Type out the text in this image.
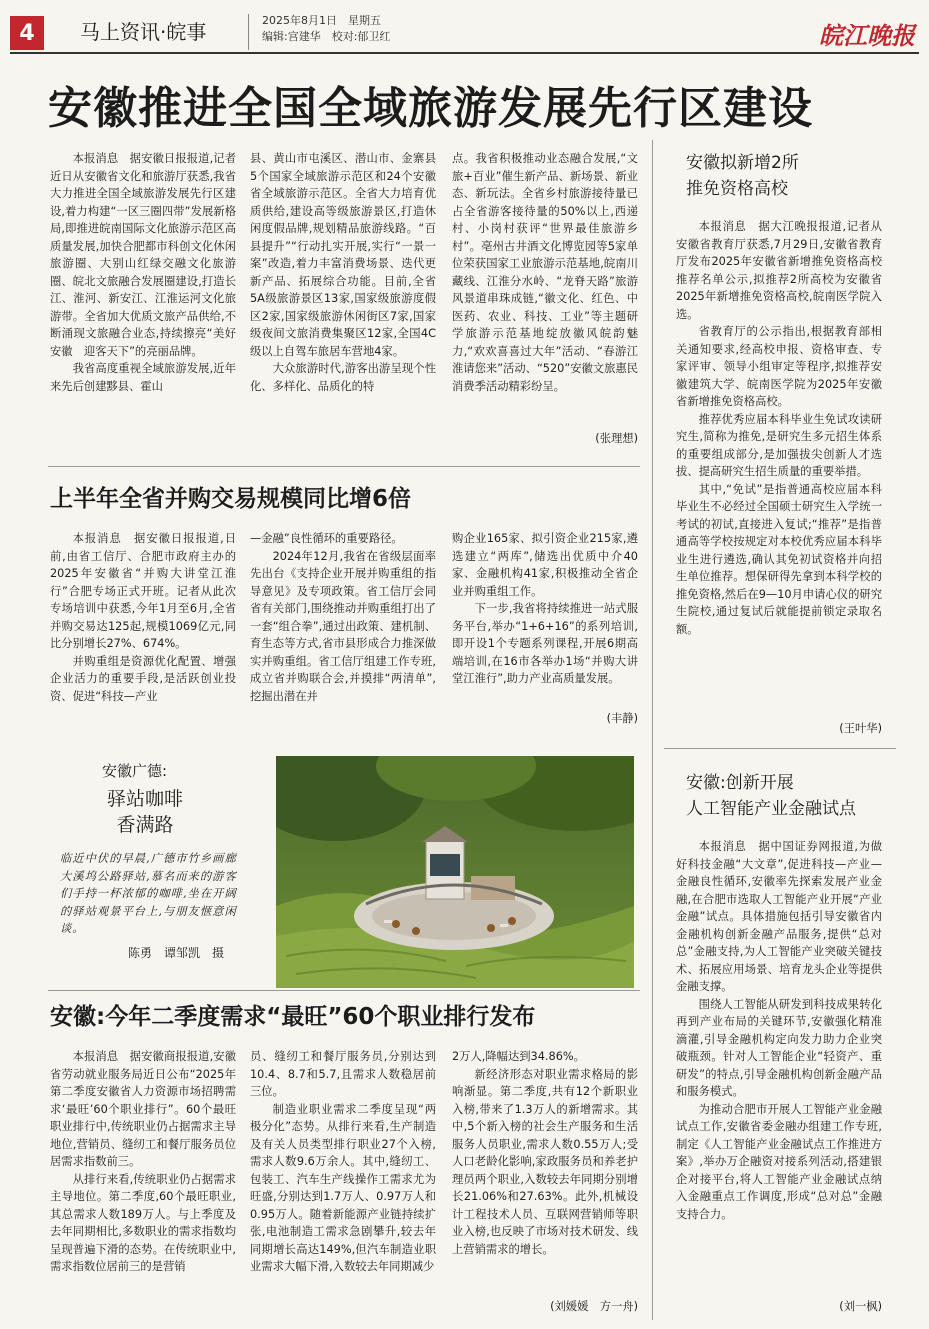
4	马上资讯·皖事	2025年8月1日　星期五
编辑:宫建华　校对:郁卫红	皖江晚报
安徽推进全国全域旅游发展先行区建设

本报消息　据安徽日报报道,记者近日从安徽省文化和旅游厅获悉,我省大力推进全国全域旅游发展先行区建设,着力构建“一区三圈四带”发展新格局,即推进皖南国际文化旅游示范区高质量发展,加快合肥都市科创文化休闲旅游圈、大别山红绿交融文化旅游圈、皖北文旅融合发展圈建设,打造长江、淮河、新安江、江淮运河文化旅游带。全省加大优质文旅产品供给,不断涌现文旅融合业态,持续擦亮“美好安徽　迎客天下”的亮丽品牌。

我省高度重视全域旅游发展,近年来先后创建黟县、霍山

县、黄山市屯溪区、潜山市、金寨县5个国家全域旅游示范区和24个安徽省全域旅游示范区。全省大力培育优质供给,建设高等级旅游景区,打造休闲度假品牌,规划精品旅游线路。“百县提升”“行动扎实开展,实行“一景一案”改造,着力丰富消费场景、迭代更新产品、拓展综合功能。目前,全省5A级旅游景区13家,国家级旅游度假区2家,国家级旅游休闲街区7家,国家级夜间文旅消费集聚区12家,全国4C级以上自驾车旅居车营地4家。

大众旅游时代,游客出游呈现个性化、多样化、品质化的特

点。我省积极推动业态融合发展,“文旅+百业”催生新产品、新场景、新业态、新玩法。全省乡村旅游接待量已占全省游客接待量的50%以上,西递村、小岗村获评“世界最佳旅游乡村”。亳州古井酒文化博览园等5家单位荣获国家工业旅游示范基地,皖南川藏线、江淮分水岭、“龙脊天路”旅游风景道串珠成链,“徽文化、红色、中医药、农业、科技、工业”等主题研学旅游示范基地绽放徽风皖韵魅力,“欢欢喜喜过大年”活动、“春游江淮请您来”活动、“520”安徽文旅惠民消费季活动精彩纷呈。

(张理想)
上半年全省并购交易规模同比增6倍

本报消息　据安徽日报报道,日前,由省工信厅、合肥市政府主办的2025年安徽省“并购大讲堂江淮行”合肥专场正式开班。记者从此次专场培训中获悉,今年1月至6月,全省并购交易达125起,规模1069亿元,同比分别增长27%、674%。

并购重组是资源优化配置、增强企业活力的重要手段,是活跃创业投资、促进“科技—产业

—金融”良性循环的重要路径。

2024年12月,我省在省级层面率先出台《支持企业开展并购重组的指导意见》及专项政策。省工信厅会同省有关部门,围绕推动并购重组打出了一套“组合拳”,通过出政策、建机制、育生态等方式,省市县形成合力推深做实并购重组。省工信厅组建工作专班,成立省并购联合会,并摸排“两清单”,挖掘出潜在并

购企业165家、拟引资企业215家,遴选建立“两库”,储选出优质中介40家、金融机构41家,积极推动全省企业并购重组工作。

下一步,我省将持续推进一站式服务平台,举办“1+6+16”的系列培训,即开设1个专题系列课程,开展6期高端培训,在16市各举办1场“并购大讲堂江淮行”,助力产业高质量发展。

(丰静)
安徽广德:
驿站咖啡
香满路
临近中伏的早晨,广德市竹乡画廊大溪坞公路驿站,慕名而来的游客们手持一杯浓郁的咖啡,坐在开阔的驿站观景平台上,与朋友惬意闲谈。
陈勇　谭邹凯　摄
安徽:今年二季度需求“最旺”60个职业排行发布

本报消息　据安徽商报报道,安徽省劳动就业服务局近日公布“2025年第二季度安徽省人力资源市场招聘需求‘最旺’60个职业排行”。60个最旺职业排行中,传统职业仍占据需求主导地位,营销员、缝纫工和餐厅服务员位居需求指数前三。

从排行来看,传统职业仍占据需求主导地位。第二季度,60个最旺职业,其总需求人数189万人。与上季度及去年同期相比,多数职业的需求指数均呈现普遍下滑的态势。在传统职业中,需求指数位居前三的是营销

员、缝纫工和餐厅服务员,分别达到10.4、8.7和5.7,且需求人数稳居前三位。

制造业职业需求二季度呈现“两极分化”态势。从排行来看,生产制造及有关人员类型排行职业27个入榜,需求人数9.6万余人。其中,缝纫工、包装工、汽车生产线操作工需求尤为旺盛,分别达到1.7万人、0.97万人和0.95万人。随着新能源产业链持续扩张,电池制造工需求急剧攀升,较去年同期增长高达149%,但汽车制造业职业需求大幅下滑,入数较去年同期减少

2万人,降幅达到34.86%。

新经济形态对职业需求格局的影响渐显。第二季度,共有12个新职业入榜,带来了1.3万人的新增需求。其中,5个新入榜的社会生产服务和生活服务人员职业,需求人数0.55万人;受人口老龄化影响,家政服务员和养老护理员两个职业,入数较去年同期分别增长21.06%和27.63%。此外,机械设计工程技术人员、互联网营销师等职业入榜,也反映了市场对技术研发、线上营销需求的增长。

(刘媛媛　方一舟)
安徽拟新增2所
推免资格高校

本报消息　据大江晚报报道,记者从安徽省教育厅获悉,7月29日,安徽省教育厅发布2025年安徽省新增推免资格高校推荐名单公示,拟推荐2所高校为安徽省2025年新增推免资格高校,皖南医学院入选。

省教育厅的公示指出,根据教育部相关通知要求,经高校申报、资格审查、专家评审、领导小组审定等程序,拟推荐安徽建筑大学、皖南医学院为2025年安徽省新增推免资格高校。

推荐优秀应届本科毕业生免试攻读研究生,简称为推免,是研究生多元招生体系的重要组成部分,是加强拔尖创新人才选拔、提高研究生招生质量的重要举措。

其中,“免试”是指普通高校应届本科毕业生不必经过全国硕士研究生入学统一考试的初试,直接进入复试;“推荐”是指普通高等学校按规定对本校优秀应届本科毕业生进行遴选,确认其免初试资格并向招生单位推荐。想保研得先拿到本科学校的推免资格,然后在9—10月申请心仪的研究生院校,通过复试后就能提前锁定录取名额。

(王叶华)
安徽:创新开展
人工智能产业金融试点

本报消息　据中国证券网报道,为做好科技金融“大文章”,促进科技—产业—金融良性循环,安徽率先探索发展产业金融,在合肥市选取人工智能产业开展“产业金融”试点。具体措施包括引导安徽省内金融机构创新金融产品服务,提供“总对总”金融支持,为人工智能产业突破关键技术、拓展应用场景、培育龙头企业等提供金融支撑。

围绕人工智能从研发到科技成果转化再到产业布局的关键环节,安徽强化精准滴灌,引导金融机构定向发力助力企业突破瓶颈。针对人工智能企业“轻资产、重研发”的特点,引导金融机构创新金融产品和服务模式。

为推动合肥市开展人工智能产业金融试点工作,安徽省委金融办组建工作专班,制定《人工智能产业金融试点工作推进方案》,举办万企融资对接系列活动,搭建银企对接平台,将人工智能产业金融试点纳入金融重点工作调度,形成“总对总”金融支持合力。

(刘一枫)
